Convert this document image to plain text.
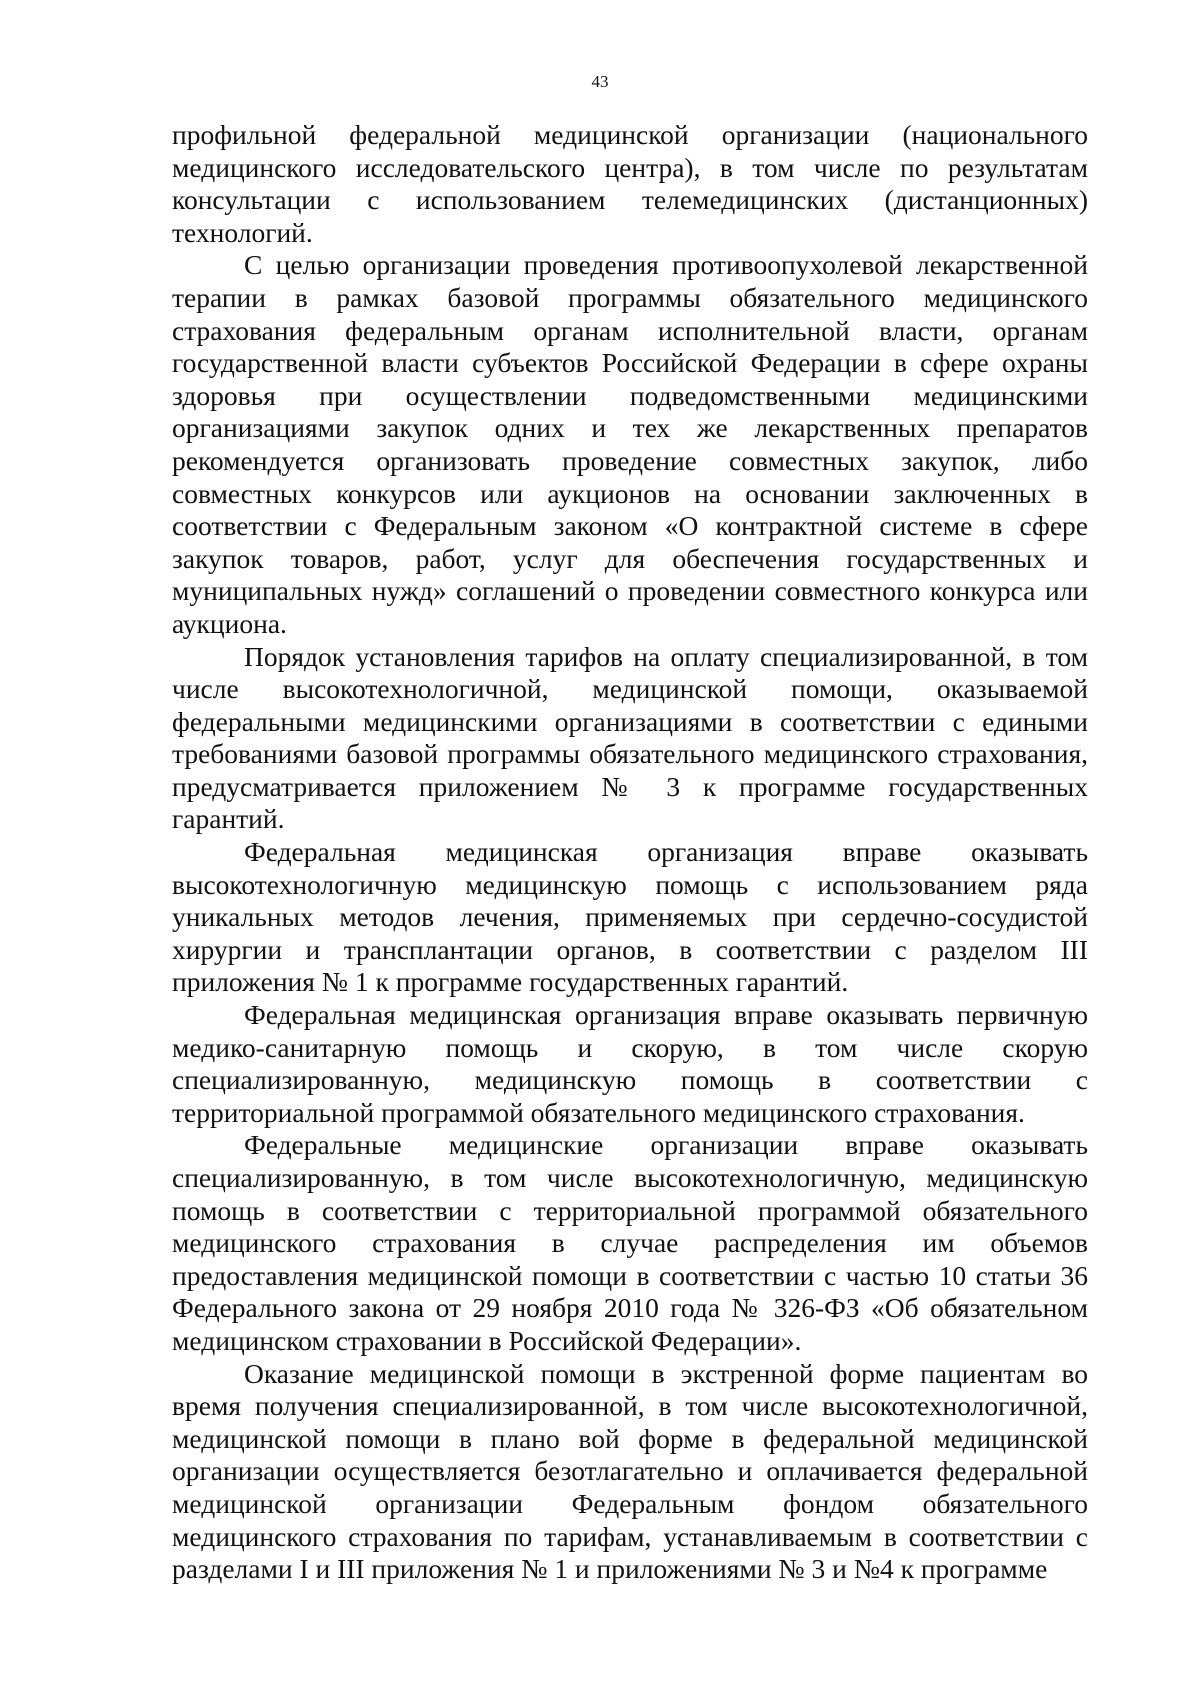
43

профильной федеральной медицинской организации (национального медицинского исследовательского центра), в том числе по результатам консультации с использованием телемедицинских (дистанционных) технологий.

С целью организации проведения противоопухолевой лекарственной терапии в рамках базовой программы обязательного медицинского страхования федеральным органам исполнительной власти, органам государственной власти субъектов Российской Федерации в сфере охраны здоровья при осуществлении подведомственными медицинскими организациями закупок одних и тех же лекарственных препаратов рекомендуется организовать проведение совместных закупок, либо совместных конкурсов или аукционов на основании заключенных в соответствии с Федеральным законом «О контрактной системе в сфере закупок товаров, работ, услуг для обеспечения государственных и муниципальных нужд» соглашений о проведении совместного конкурса или аукциона.

Порядок установления тарифов на оплату специализированной, в том числе высокотехнологичной, медицинской помощи, оказываемой федеральными медицинскими организациями в соответствии с едиными требованиями базовой программы обязательного медицинского страхования, предусматривается приложением № 3 к программе государственных гарантий.

Федеральная медицинская организация вправе оказывать высокотехнологичную медицинскую помощь с использованием ряда уникальных методов лечения, применяемых при сердечно-сосудистой хирургии и трансплантации органов, в соответствии с разделом III приложения № 1 к программе государственных гарантий.

Федеральная медицинская организация вправе оказывать первичную медико-санитарную помощь и скорую, в том числе скорую специализированную, медицинскую помощь в соответствии с территориальной программой обязательного медицинского страхования.

Федеральные медицинские организации вправе оказывать специализированную, в том числе высокотехнологичную, медицинскую помощь в соответствии с территориальной программой обязательного медицинского страхования в случае распределения им объемов предоставления медицинской помощи в соответствии с частью 10 статьи 36 Федерального закона от 29 ноября 2010 года № 326-ФЗ «Об обязательном медицинском страховании в Российской Федерации».

Оказание медицинской помощи в экстренной форме пациентам во время получения специализированной, в том числе высокотехнологичной, медицинской помощи в плано вой форме в федеральной медицинской организации осуществляется безотлагательно и оплачивается федеральной медицинской организации Федеральным фондом обязательного медицинского страхования по тарифам, устанавливаемым в соответствии с разделами I и III приложения № 1 и приложениями № 3 и №4 к программе
